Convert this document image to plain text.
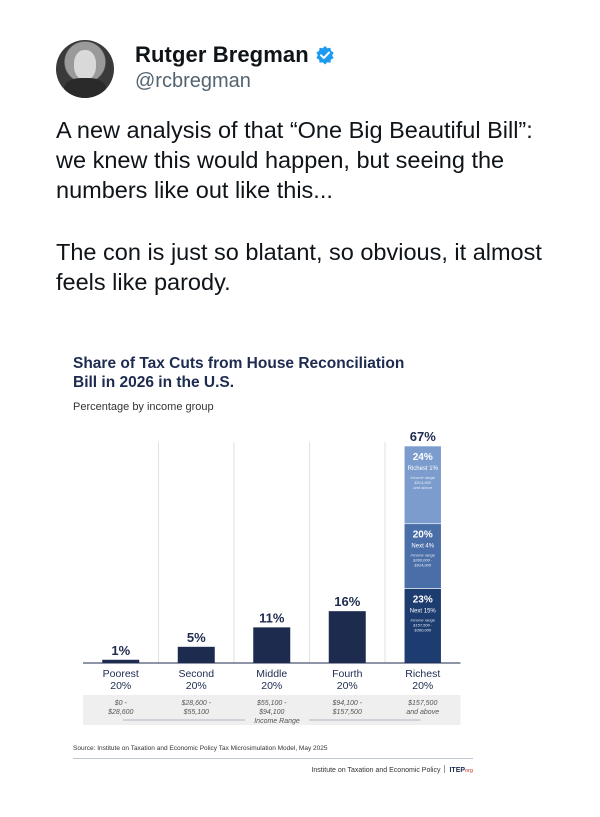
Rutger Bregman
@rcbregman

A new analysis of that “One Big Beautiful Bill”: we knew this would happen, but seeing the numbers like out like this...

The con is just so blatant, so obvious, it almost feels like parody.

Share of Tax Cuts from House Reconciliation
Bill in 2026 in the U.S.
Percentage by income group
1%
Poorest
20%
$0 -
$28,600
5%
Second
20%
$28,600 -
$55,100
11%
Middle
20%
$55,100 -
$94,100
16%
Fourth
20%
$94,100 -
$157,500
23%
Next 15%
Income range
$157,500 -
$360,000
20%
Next 4%
Income range
$360,000 -
$914,900
24%
Richest 1%
Income range
$914,900
and above
67%
Richest
20%
$157,500
and above
Income Range
Source: Institute on Taxation and Economic Policy Tax Microsimulation Model, May 2025
Institute on Taxation and Economic Policy ITEPorg
